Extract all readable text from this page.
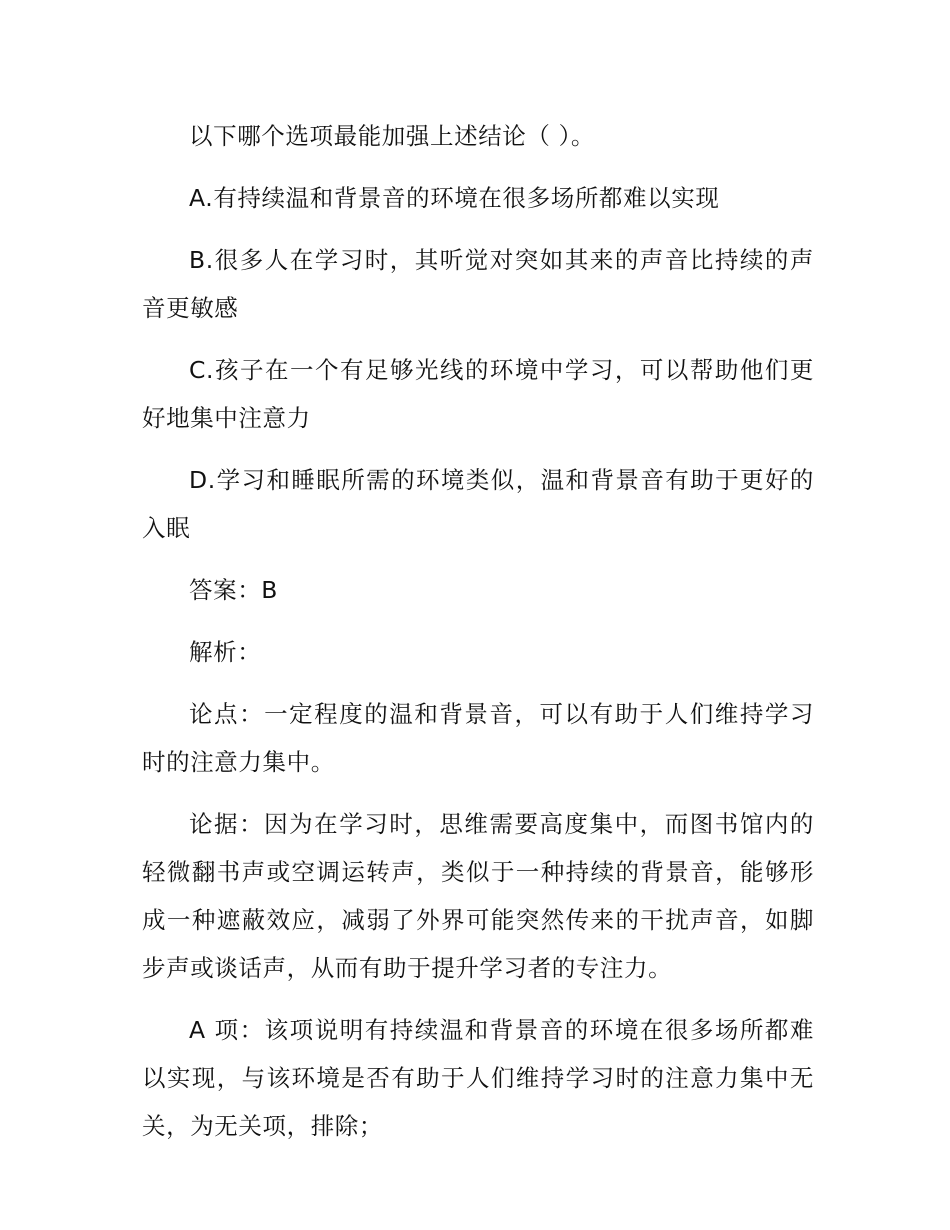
以下哪个选项最能加强上述结论（ ）。

A.有持续温和背景音的环境在很多场所都难以实现

B.很多人在学习时，其听觉对突如其来的声音比持续的声音更敏感

C.孩子在一个有足够光线的环境中学习，可以帮助他们更好地集中注意力

D.学习和睡眠所需的环境类似，温和背景音有助于更好的入眠

答案：B

解析：

论点：一定程度的温和背景音，可以有助于人们维持学习时的注意力集中。

论据：因为在学习时，思维需要高度集中，而图书馆内的轻微翻书声或空调运转声，类似于一种持续的背景音，能够形成一种遮蔽效应，减弱了外界可能突然传来的干扰声音，如脚步声或谈话声，从而有助于提升学习者的专注力。

A 项：该项说明有持续温和背景音的环境在很多场所都难以实现，与该环境是否有助于人们维持学习时的注意力集中无关，为无关项，排除；
